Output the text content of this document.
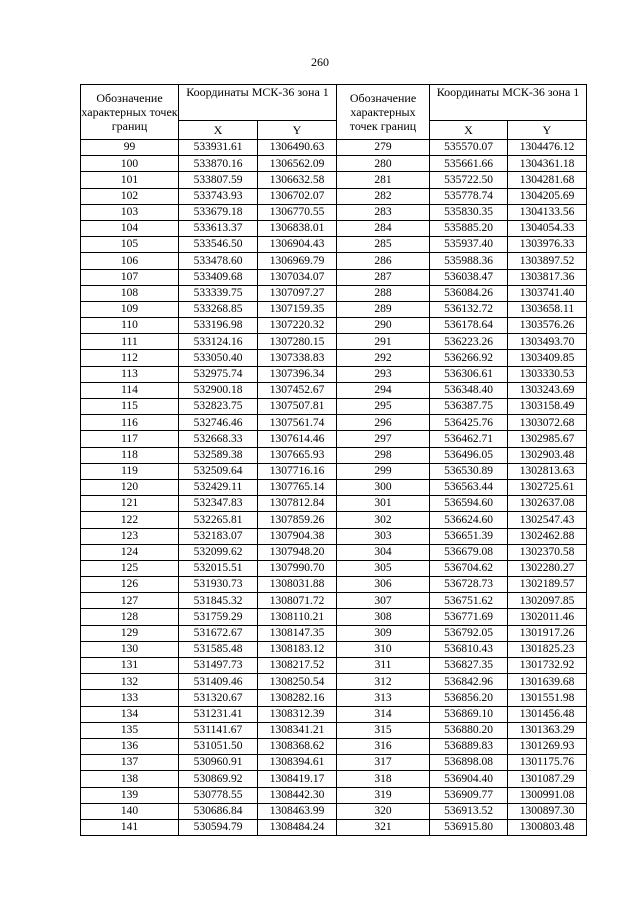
260
Обозначение характерных точек границ	Координаты МСК-36 зона 1		Обозначение характерных точек границ	Координаты МСК-36 зона 1	
	X	Y		X	Y
99	533931.61	1306490.63	279	535570.07	1304476.12
100	533870.16	1306562.09	280	535661.66	1304361.18
101	533807.59	1306632.58	281	535722.50	1304281.68
102	533743.93	1306702.07	282	535778.74	1304205.69
103	533679.18	1306770.55	283	535830.35	1304133.56
104	533613.37	1306838.01	284	535885.20	1304054.33
105	533546.50	1306904.43	285	535937.40	1303976.33
106	533478.60	1306969.79	286	535988.36	1303897.52
107	533409.68	1307034.07	287	536038.47	1303817.36
108	533339.75	1307097.27	288	536084.26	1303741.40
109	533268.85	1307159.35	289	536132.72	1303658.11
110	533196.98	1307220.32	290	536178.64	1303576.26
111	533124.16	1307280.15	291	536223.26	1303493.70
112	533050.40	1307338.83	292	536266.92	1303409.85
113	532975.74	1307396.34	293	536306.61	1303330.53
114	532900.18	1307452.67	294	536348.40	1303243.69
115	532823.75	1307507.81	295	536387.75	1303158.49
116	532746.46	1307561.74	296	536425.76	1303072.68
117	532668.33	1307614.46	297	536462.71	1302985.67
118	532589.38	1307665.93	298	536496.05	1302903.48
119	532509.64	1307716.16	299	536530.89	1302813.63
120	532429.11	1307765.14	300	536563.44	1302725.61
121	532347.83	1307812.84	301	536594.60	1302637.08
122	532265.81	1307859.26	302	536624.60	1302547.43
123	532183.07	1307904.38	303	536651.39	1302462.88
124	532099.62	1307948.20	304	536679.08	1302370.58
125	532015.51	1307990.70	305	536704.62	1302280.27
126	531930.73	1308031.88	306	536728.73	1302189.57
127	531845.32	1308071.72	307	536751.62	1302097.85
128	531759.29	1308110.21	308	536771.69	1302011.46
129	531672.67	1308147.35	309	536792.05	1301917.26
130	531585.48	1308183.12	310	536810.43	1301825.23
131	531497.73	1308217.52	311	536827.35	1301732.92
132	531409.46	1308250.54	312	536842.96	1301639.68
133	531320.67	1308282.16	313	536856.20	1301551.98
134	531231.41	1308312.39	314	536869.10	1301456.48
135	531141.67	1308341.21	315	536880.20	1301363.29
136	531051.50	1308368.62	316	536889.83	1301269.93
137	530960.91	1308394.61	317	536898.08	1301175.76
138	530869.92	1308419.17	318	536904.40	1301087.29
139	530778.55	1308442.30	319	536909.77	1300991.08
140	530686.84	1308463.99	320	536913.52	1300897.30
141	530594.79	1308484.24	321	536915.80	1300803.48
